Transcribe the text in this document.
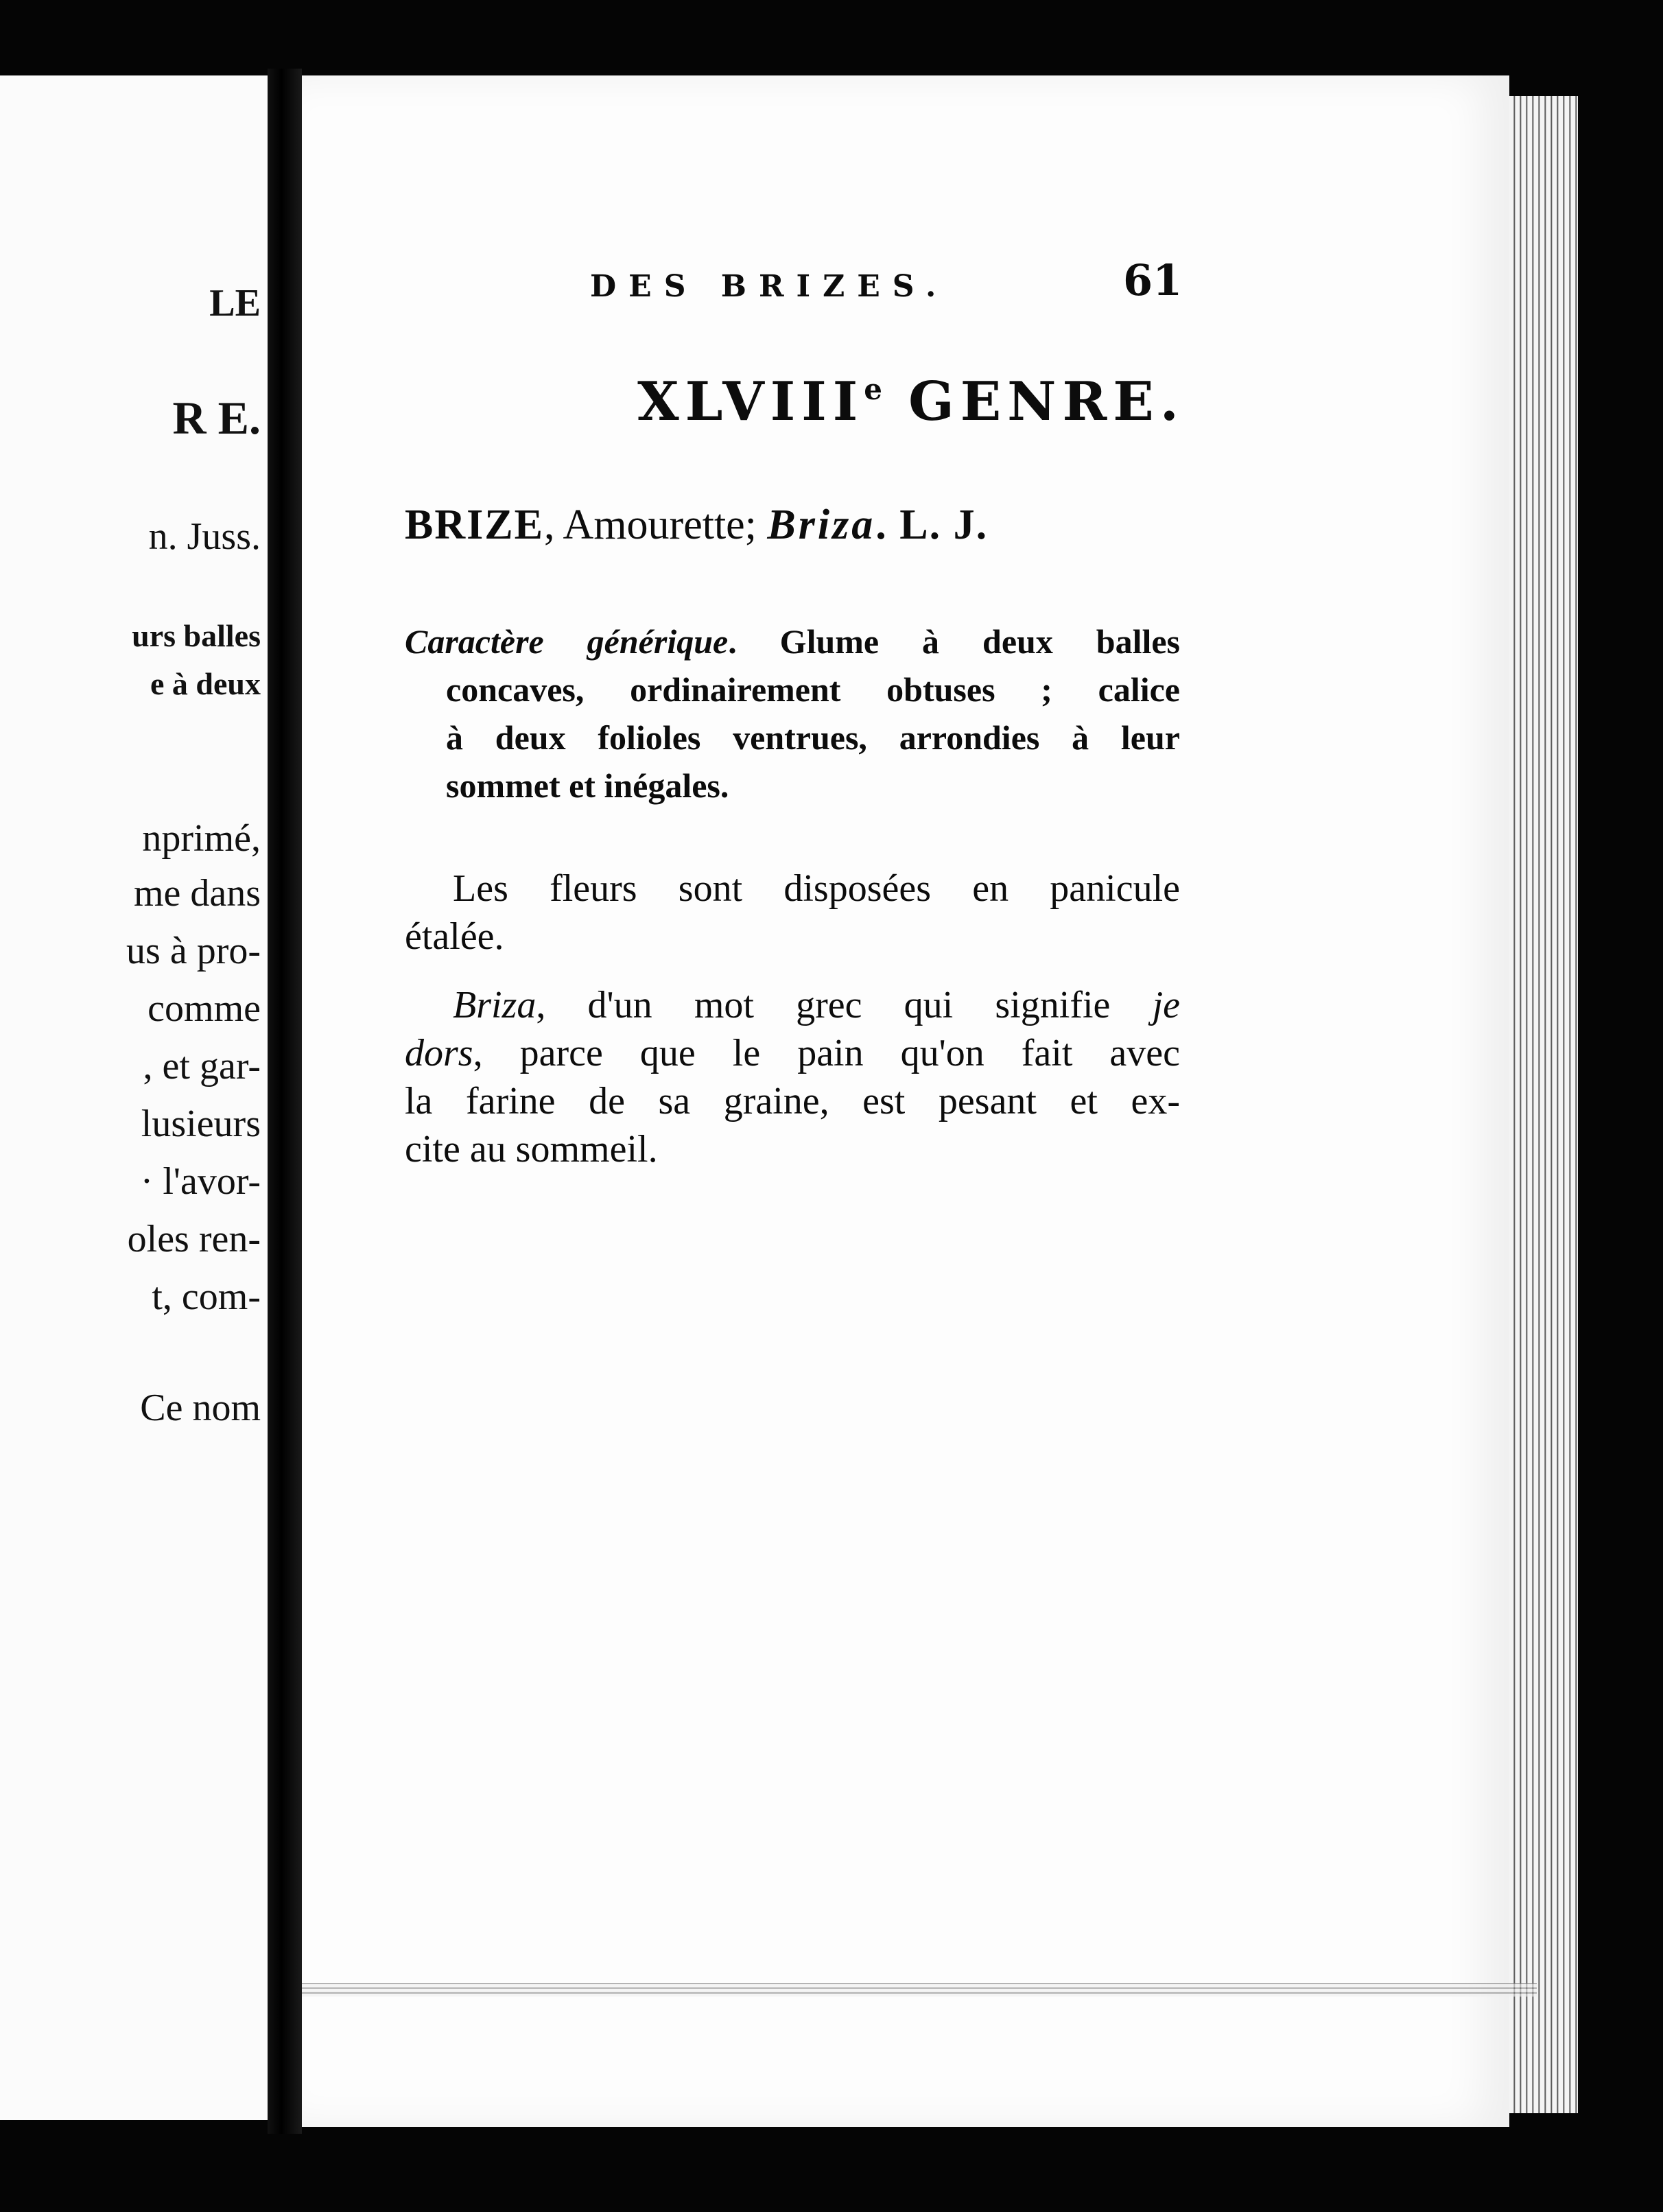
LE
R E.
n. Juss.
urs balles
e à deux
nprimé,
me dans
us à pro-
comme
, et gar-
lusieurs
· l'avor-
oles ren-
t, com-
Ce nom
DES BRIZES.	61
XLVIIIe GENRE.
BRIZE, Amourette; Briza. L. J.
Caractère générique. Glume à deux balles
concaves, ordinairement obtuses ; calice
à deux folioles ventrues, arrondies à leur
sommet et inégales.
Les fleurs sont disposées en panicule
étalée.
Briza, d'un mot grec qui signifie je
dors, parce que le pain qu'on fait avec
la farine de sa graine, est pesant et ex-
cite au sommeil.
